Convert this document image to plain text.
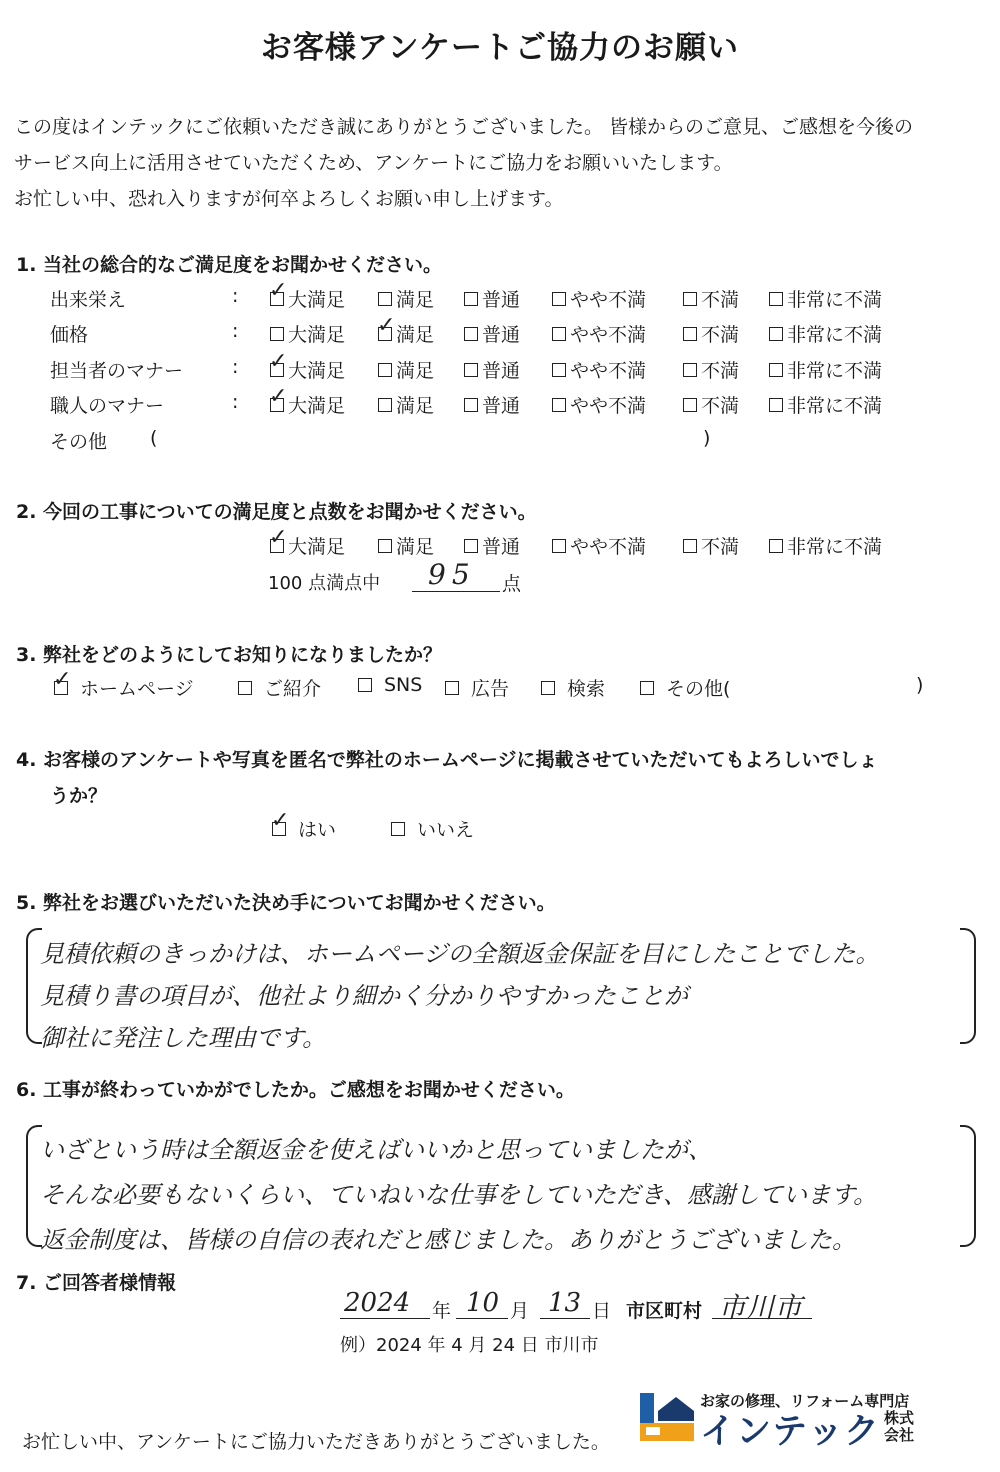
お客様アンケートご協力のお願い
この度はインテックにご依頼いただき誠にありがとうございました。 皆様からのご意見、ご感想を今後の
サービス向上に活用させていただくため、アンケートにご協力をお願いいたします。
お忙しい中、恐れ入りますが何卒よろしくお願い申し上げます。
1. 当社の総合的なご満足度をお聞かせください。
出来栄え	: ✓ 大満足	満足	普通	やや不満	不満	非常に不満
価格	:	大満足 ✓ 満足	普通	やや不満	不満	非常に不満
担当者のマナー	: ✓ 大満足	満足	普通	やや不満	不満	非常に不満
職人のマナー	: ✓ 大満足	満足	普通	やや不満	不満	非常に不満
その他 (	)
2. 今回の工事についての満足度と点数をお聞かせください。
✓ 大満足	満足	普通	やや不満	不満	非常に不満
100 点満点中 95 点
3. 弊社をどのようにしてお知りになりましたか？
✓ ホームページ	ご紹介	SNS	広告	検索	その他(	)
4. お客様のアンケートや写真を匿名で弊社のホームページに掲載させていただいてもよろしいでしょ
うか？
✓ はい	いいえ
5. 弊社をお選びいただいた決め手についてお聞かせください。
見積依頼のきっかけは、ホームページの全額返金保証を目にしたことでした。
見積り書の項目が、他社より細かく分かりやすかったことが
御社に発注した理由です。
6. 工事が終わっていかがでしたか。ご感想をお聞かせください。
いざという時は全額返金を使えばいいかと思っていましたが、
そんな必要もないくらい、ていねいな仕事をしていただき、感謝しています。
返金制度は、皆様の自信の表れだと感じました。ありがとうございました。
7. ご回答者様情報
2024 年 10 月 13 日 市区町村 市川市
例）2024 年 4 月 24 日 市川市
お家の修理、リフォーム専門店
インテック 株式会社
お忙しい中、アンケートにご協力いただきありがとうございました。
